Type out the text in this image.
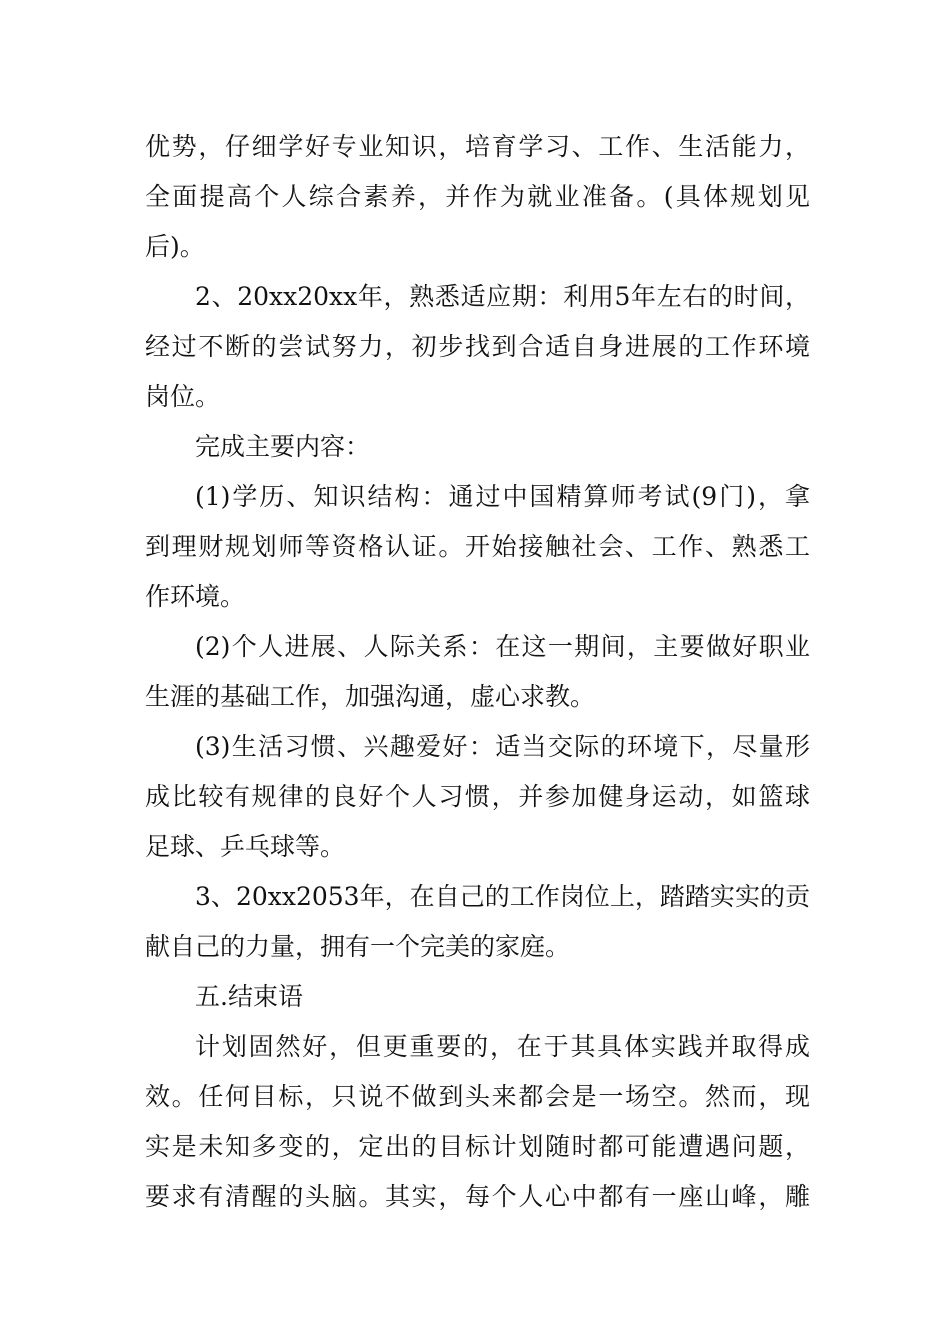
优势，仔细学好专业知识，培育学习、工作、生活能力，
全面提高个人综合素养，并作为就业准备。(具体规划见
后)。
2、20xx20xx年，熟悉适应期：利用5年左右的时间，
经过不断的尝试努力，初步找到合适自身进展的工作环境
岗位。
完成主要内容：
(1)学历、知识结构：通过中国精算师考试(9门)，拿
到理财规划师等资格认证。开始接触社会、工作、熟悉工
作环境。
(2)个人进展、人际关系：在这一期间，主要做好职业
生涯的基础工作，加强沟通，虚心求教。
(3)生活习惯、兴趣爱好：适当交际的环境下，尽量形
成比较有规律的良好个人习惯，并参加健身运动，如篮球
足球、乒乓球等。
3、20xx2053年，在自己的工作岗位上，踏踏实实的贡
献自己的力量，拥有一个完美的家庭。
五.结束语
计划固然好，但更重要的，在于其具体实践并取得成
效。任何目标，只说不做到头来都会是一场空。然而，现
实是未知多变的，定出的目标计划随时都可能遭遇问题，
要求有清醒的头脑。其实，每个人心中都有一座山峰，雕
